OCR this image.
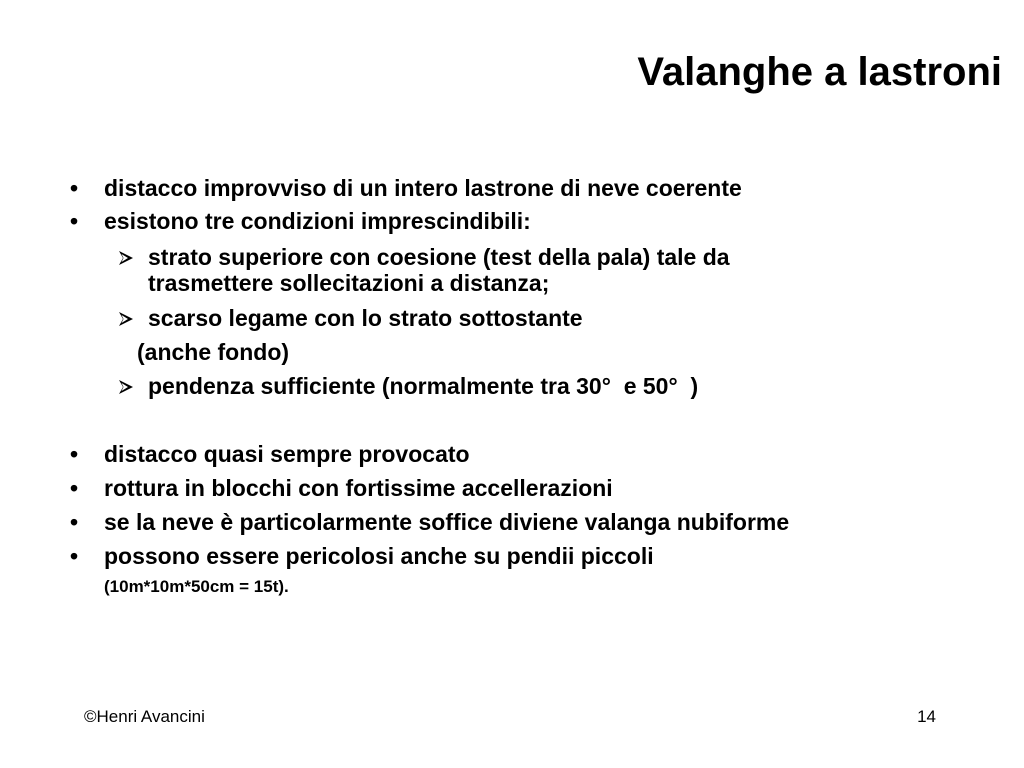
Valanghe a lastroni
•	distacco improvviso di un intero lastrone di neve coerente
•	esistono tre condizioni imprescindibili:
strato superiore con coesione (test della pala) tale da
trasmettere sollecitazioni a distanza;
scarso legame con lo strato sottostante
(anche fondo)
pendenza sufficiente (normalmente tra 30°  e 50°  )
•	distacco quasi sempre provocato
•	rottura in blocchi con fortissime accellerazioni
•	se la neve è particolarmente soffice diviene valanga nubiforme
•	possono essere pericolosi anche su pendii piccoli
(10m*10m*50cm = 15t).
©Henri Avancini	14
